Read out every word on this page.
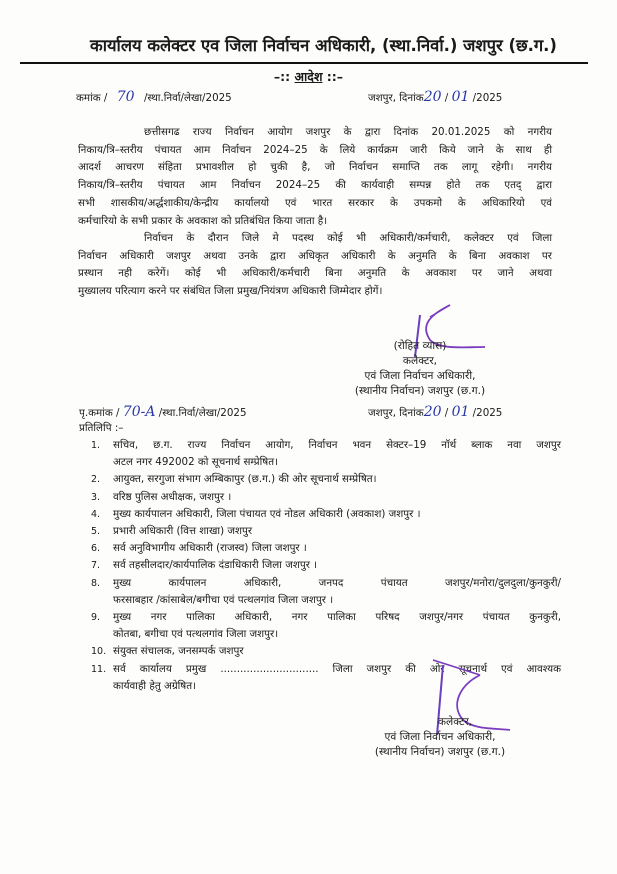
कार्यालय कलेक्टर एव जिला निर्वाचन अधिकारी, (स्था.निर्वा.) जशपुर (छ.ग.)
–:: आदेश ::–
कमांक / 70 /स्था.निर्वा/लेखा/2025	जशपुर, दिनांक20 / 01 /2025
छत्तीसगढ राज्य निर्वाचन आयोग जशपुर के द्वारा दिनांक 20.01.2025 को नगरीय
निकाय/त्रि–स्तरीय पंचायत आम निर्वाचन 2024–25 के लिये कार्यक्रम जारी किये जाने के साथ ही
आदर्श आचरण संहिता प्रभावशील हो चुकी है, जो निर्वाचन समाप्ति तक लागू रहेगी। नगरीय
निकाय/त्रि–स्तरीय पंचायत आम निर्वाचन 2024–25 की कार्यवाही सम्पन्न होते तक एतद् द्वारा
सभी शासकीय/अर्द्धशाकीय/केन्द्रीय कार्यालयो एवं भारत सरकार के उपकमो के अधिकारियो एवं
कर्मचारियो के सभी प्रकार के अवकाश को प्रतिबंधित किया जाता है।
निर्वाचन के दौरान जिले मे पदस्थ कोई भी अधिकारी/कर्मचारी, कलेक्टर एवं जिला
निर्वाचन अधिकारी जशपुर अथवा उनके द्वारा अधिकृत अधिकारी के अनुमति के बिना अवकाश पर
प्रस्थान नही करेगें। कोई भी अधिकारी/कर्मचारी बिना अनुमति के अवकाश पर जाने अथवा
मुख्यालय परित्याग करने पर संबंधित जिला प्रमुख/नियंत्रण अधिकारी जिम्मेदार होगें।
(रोहित व्यास)
कलेक्टर,
एवं जिला निर्वाचन अधिकारी,
(स्थानीय निर्वाचन) जशपुर (छ.ग.)
पृ.कमांक / 70-A /स्था.निर्वा/लेखा/2025	जशपुर, दिनांक20 / 01 /2025
प्रतिलिपि :–
1.	सचिव, छ.ग. राज्य निर्वाचन आयोग, निर्वाचन भवन सेक्टर–19 नॉर्थ ब्लाक नवा जशपुर
अटल नगर 492002 को सूचनार्थ सम्प्रेषित।
2.	आयुक्त, सरगुजा संभाग अम्बिकापुर (छ.ग.) की ओर सूचनार्थ सम्प्रेषित।
3.	वरिष्ठ पुलिस अधीक्षक, जशपुर ।
4.	मुख्य कार्यपालन अधिकारी, जिला पंचायत एवं नोडल अधिकारी (अवकाश) जशपुर ।
5.	प्रभारी अधिकारी (वित्त शाखा) जशपुर
6.	सर्व अनुविभागीय अधिकारी (राजस्व) जिला जशपुर ।
7.	सर्व तहसीलदार/कार्यपालिक दंडाधिकारी जिला जशपुर ।
8.	मुख्य कार्यपालन अधिकारी, जनपद पंचायत जशपुर/मनोरा/दुलदुला/कुनकुरी/
फरसाबहार /कांसाबेल/बगीचा एवं पत्थलगांव जिला जशपुर ।
9.	मुख्य नगर पालिका अधिकारी, नगर पालिका परिषद जशपुर/नगर पंचायत कुनकुरी,
कोतबा, बगीचा एवं पत्थलगांव जिला जशपुर।
10. संयुक्त संचालक, जनसम्पर्क जशपुर
11. सर्व कार्यालय प्रमुख .............................. जिला जशपुर की ओर सूचनार्थ एवं आवश्यक
कार्यवाही हेतु अग्रेषित।
कलेक्टर,
एवं जिला निर्वाचन अधिकारी,
(स्थानीय निर्वाचन) जशपुर (छ.ग.)
